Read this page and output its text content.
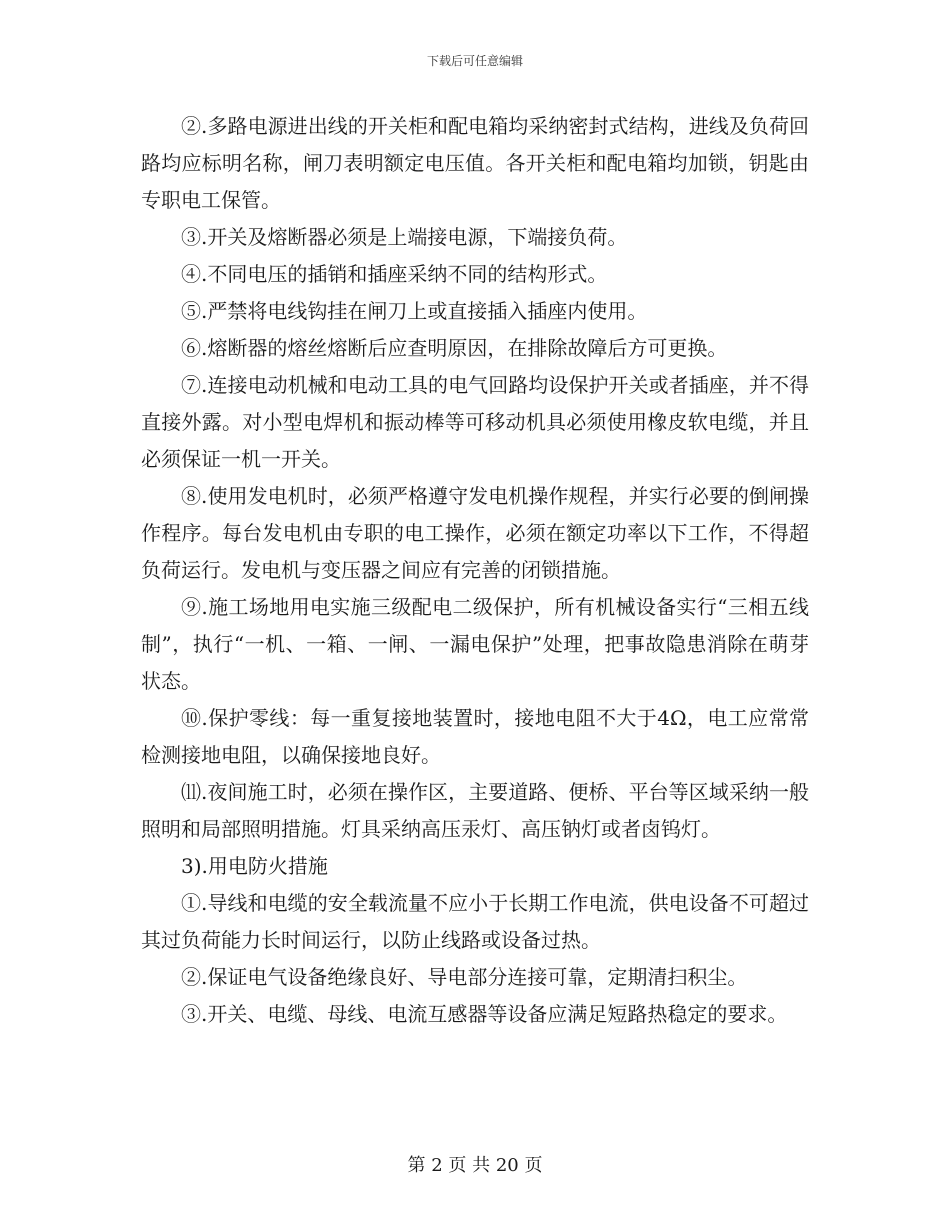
下载后可任意编辑

②.多路电源进出线的开关柜和配电箱均采纳密封式结构，进线及负荷回路均应标明名称，闸刀表明额定电压值。各开关柜和配电箱均加锁，钥匙由专职电工保管。

③.开关及熔断器必须是上端接电源，下端接负荷。

④.不同电压的插销和插座采纳不同的结构形式。

⑤.严禁将电线钩挂在闸刀上或直接插入插座内使用。

⑥.熔断器的熔丝熔断后应查明原因，在排除故障后方可更换。

⑦.连接电动机械和电动工具的电气回路均设保护开关或者插座，并不得直接外露。对小型电焊机和振动棒等可移动机具必须使用橡皮软电缆，并且必须保证一机一开关。

⑧.使用发电机时，必须严格遵守发电机操作规程，并实行必要的倒闸操作程序。每台发电机由专职的电工操作，必须在额定功率以下工作，不得超负荷运行。发电机与变压器之间应有完善的闭锁措施。

⑨.施工场地用电实施三级配电二级保护，所有机械设备实行“三相五线制”，执行“一机、一箱、一闸、一漏电保护”处理，把事故隐患消除在萌芽状态。

⑩.保护零线：每一重复接地装置时，接地电阻不大于4Ω，电工应常常检测接地电阻，以确保接地良好。

⑾.夜间施工时，必须在操作区，主要道路、便桥、平台等区域采纳一般照明和局部照明措施。灯具采纳高压汞灯、高压钠灯或者卤钨灯。

3).用电防火措施

①.导线和电缆的安全载流量不应小于长期工作电流，供电设备不可超过其过负荷能力长时间运行，以防止线路或设备过热。

②.保证电气设备绝缘良好、导电部分连接可靠，定期清扫积尘。

③.开关、电缆、母线、电流互感器等设备应满足短路热稳定的要求。

第 2 页 共 20 页
